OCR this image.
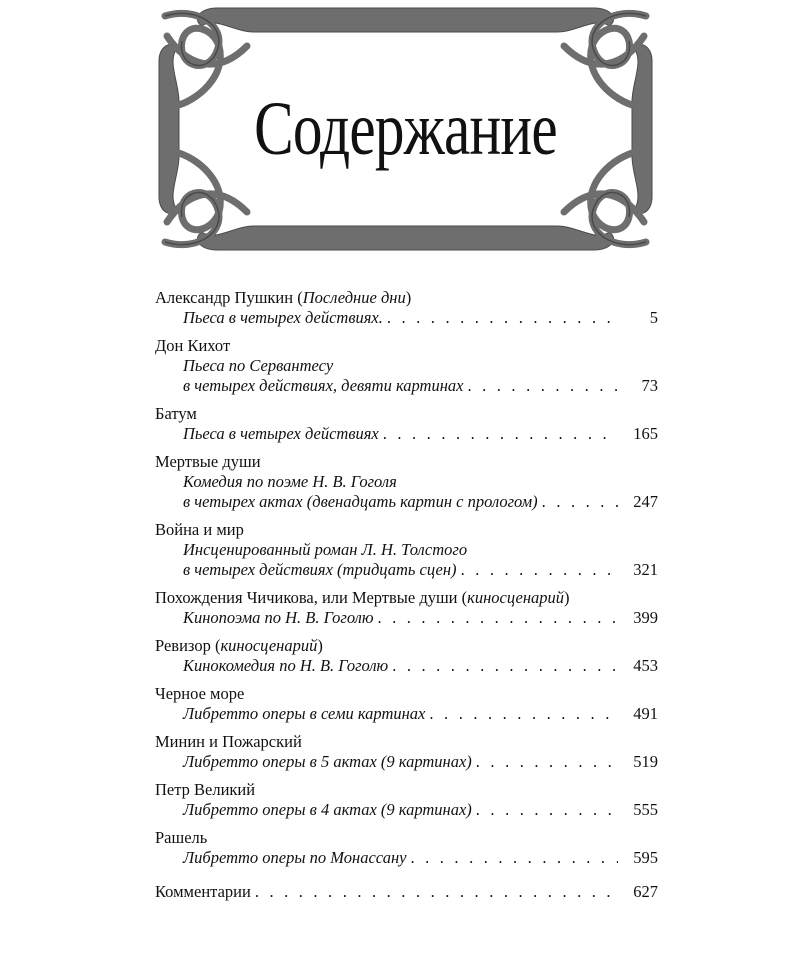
Содержание
Александр Пушкин ( Последние дни )
Пьеса в четырех действиях. . . .	5
Дон Кихот
Пьеса по Сервантесу
в четырех действиях, девяти картинах . . .	73
Батум
Пьеса в четырех действиях . . .	165
Мертвые души
Комедия по поэме Н. В. Гоголя
в четырех актах (двенадцать картин с прологом) . . .	247
Война и мир
Инсценированный роман Л. Н. Толстого
в четырех действиях (тридцать сцен) . . .	321
Похождения Чичикова, или Мертвые души ( киносценарий )
Кинопоэма по Н. В. Гоголю . . .	399
Ревизор ( киносценарий )
Кинокомедия по Н. В. Гоголю . . .	453
Черное море
Либретто оперы в семи картинах . . .	491
Минин и Пожарский
Либретто оперы в 5 актах (9 картинах) . . .	519
Петр Великий
Либретто оперы в 4 актах (9 картинах) . . .	555
Рашель
Либретто оперы по Монассану . . .	595
Комментарии . . .	627
